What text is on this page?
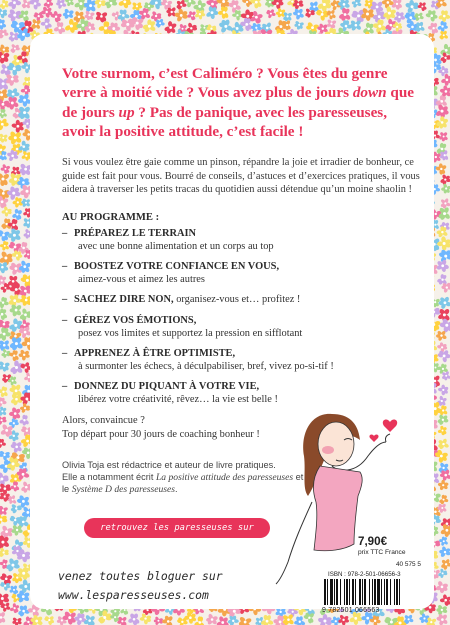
Votre surnom, c’est Caliméro ? Vous êtes du genre verre à moitié vide ? Vous avez plus de jours down que de jours up ? Pas de panique, avec les paresseuses, avoir la positive attitude, c’est facile !
Si vous voulez être gaie comme un pinson, répandre la joie et irradier de bonheur, ce guide est fait pour vous. Bourré de conseils, d’astuces et d’exercices pratiques, il vous aidera à traverser les petits tracas du quotidien aussi détendue qu’un moine shaolin !
AU PROGRAMME :
– PRÉPAREZ LE TERRAIN
avec une bonne alimentation et un corps au top
– BOOSTEZ VOTRE CONFIANCE EN VOUS,
aimez-vous et aimez les autres
– SACHEZ DIRE NON, organisez-vous et… profitez !
– GÉREZ VOS ÉMOTIONS,
posez vos limites et supportez la pression en sifflotant
– APPRENEZ À ÊTRE OPTIMISTE,
à surmonter les échecs, à déculpabiliser, bref, vivez po-si-tif !
– DONNEZ DU PIQUANT À VOTRE VIE,
libérez votre créativité, rêvez… la vie est belle !
Alors, convaincue ?
Top départ pour 30 jours de coaching bonheur !
Olivia Toja est rédactrice et auteur de livre pratiques.
Elle a notamment écrit La positive attitude des paresseuses et
le Système D des paresseuses.
retrouvez les paresseuses sur i.Phone
venez toutes bloguer sur
www.lesparesseuses.com
7,90€
prix TTC France
40 575 5
ISBN : 978-2-501-06656-3
9 782501 066563
